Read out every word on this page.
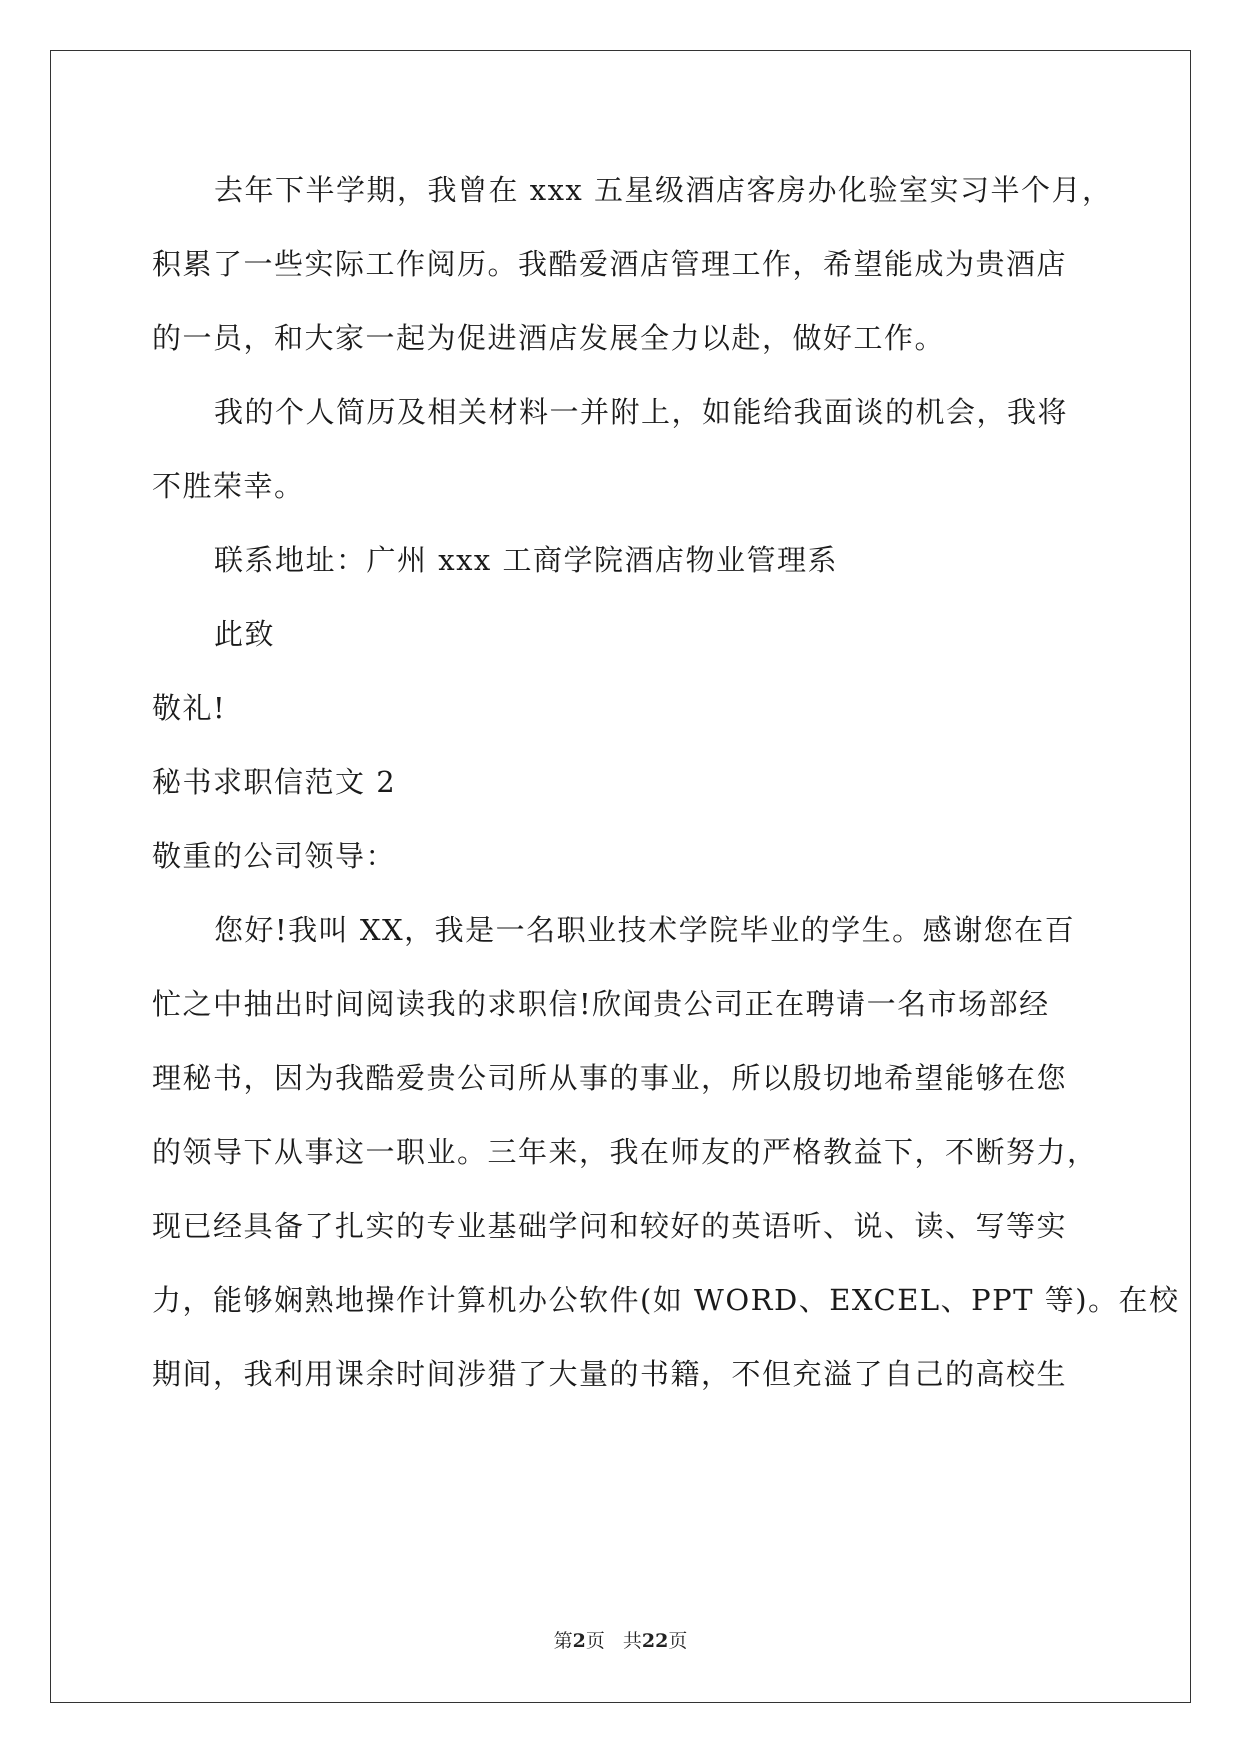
去年下半学期，我曾在 xxx 五星级酒店客房办化验室实习半个月，
积累了一些实际工作阅历。我酷爱酒店管理工作，希望能成为贵酒店
的一员，和大家一起为促进酒店发展全力以赴，做好工作。
我的个人简历及相关材料一并附上，如能给我面谈的机会，我将
不胜荣幸。
联系地址：广州 xxx 工商学院酒店物业管理系
此致
敬礼!
秘书求职信范文 2
敬重的公司领导：
您好!我叫 XX，我是一名职业技术学院毕业的学生。感谢您在百
忙之中抽出时间阅读我的求职信!欣闻贵公司正在聘请一名市场部经
理秘书，因为我酷爱贵公司所从事的事业，所以殷切地希望能够在您
的领导下从事这一职业。三年来，我在师友的严格教益下，不断努力，
现已经具备了扎实的专业基础学问和较好的英语听、说、读、写等实
力，能够娴熟地操作计算机办公软件(如 WORD、EXCEL、PPT 等)。在校
期间，我利用课余时间涉猎了大量的书籍，不但充溢了自己的高校生
第2页 共22页
